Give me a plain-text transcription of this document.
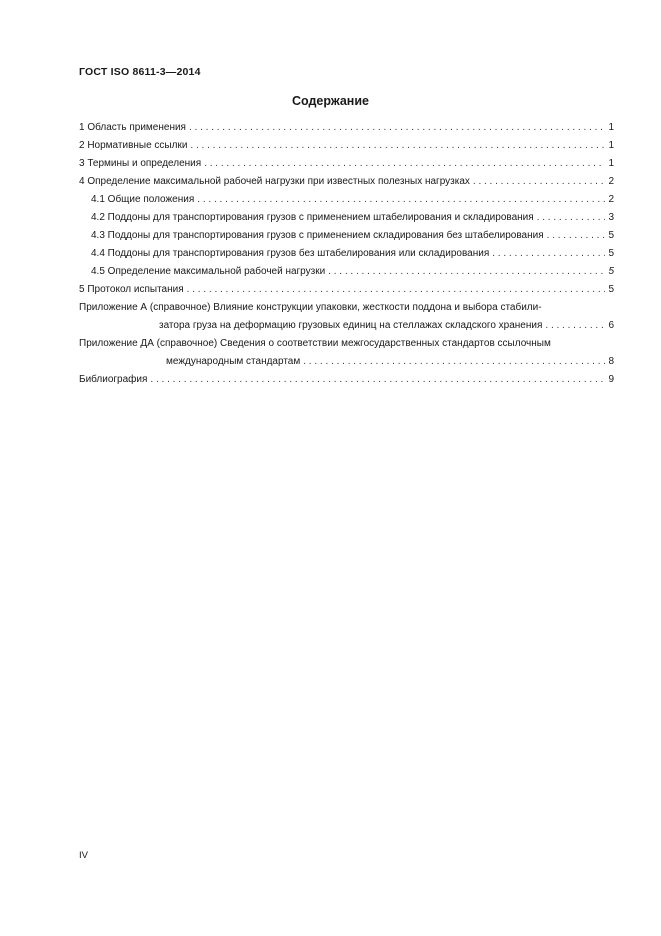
ГОСТ ISO 8611-3—2014
Содержание
1 Область применения . . .	1
2 Нормативные ссылки . . .	1
3 Термины и определения . . .	1
4 Определение максимальной рабочей нагрузки при известных полезных нагрузках . . .	2
4.1 Общие положения . . .	2
4.2 Поддоны для транспортирования грузов с применением штабелирования и складирования . . .	3
4.3 Поддоны для транспортирования грузов с применением складирования без штабелирования . . .	5
4.4 Поддоны для транспортирования грузов без штабелирования или складирования . . .	5
4.5 Определение максимальной рабочей нагрузки . . .	5
5 Протокол испытания . . .	5
Приложение А (справочное) Влияние конструкции упаковки, жесткости поддона и выбора стабили-
затора груза на деформацию грузовых единиц на стеллажах складского хранения . . .	6
Приложение ДА (справочное) Сведения о соответствии межгосударственных стандартов ссылочным
международным стандартам . . .	8
Библиография . . .	9
IV
